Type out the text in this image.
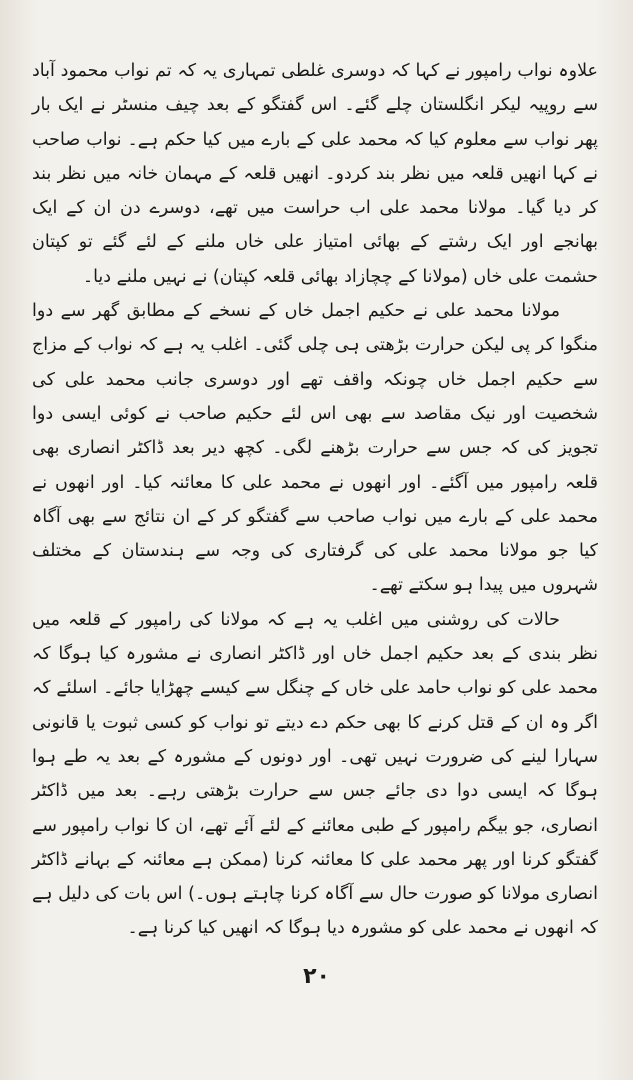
علاوہ نواب رامپور نے کہا کہ دوسری غلطی تمہاری یہ کہ تم نواب محمود آباد سے روپیہ لیکر انگلستان چلے گئے۔ اس گفتگو کے بعد چیف منسٹر نے ایک بار پھر نواب سے معلوم کیا کہ محمد علی کے بارے میں کیا حکم ہے۔ نواب صاحب نے کہا انھیں قلعہ میں نظر بند کردو۔ انھیں قلعہ کے مہمان خانہ میں نظر بند کر دیا گیا۔ مولانا محمد علی اب حراست میں تھے، دوسرے دن ان کے ایک بھانجے اور ایک رشتے کے بھائی امتیاز علی خاں ملنے کے لئے گئے تو کپتان حشمت علی خاں (مولانا کے چچازاد بھائی قلعہ کپتان) نے نہیں ملنے دیا۔

مولانا محمد علی نے حکیم اجمل خاں کے نسخے کے مطابق گھر سے دوا منگوا کر پی لیکن حرارت بڑھتی ہی چلی گئی۔ اغلب یہ ہے کہ نواب کے مزاج سے حکیم اجمل خاں چونکہ واقف تھے اور دوسری جانب محمد علی کی شخصیت اور نیک مقاصد سے بھی اس لئے حکیم صاحب نے کوئی ایسی دوا تجویز کی کہ جس سے حرارت بڑھنے لگی۔ کچھ دیر بعد ڈاکٹر انصاری بھی قلعہ رامپور میں آگئے۔ اور انھوں نے محمد علی کا معائنہ کیا۔ اور انھوں نے محمد علی کے بارے میں نواب صاحب سے گفتگو کر کے ان نتائج سے بھی آگاہ کیا جو مولانا محمد علی کی گرفتاری کی وجہ سے ہندستان کے مختلف شہروں میں پیدا ہو سکتے تھے۔

حالات کی روشنی میں اغلب یہ ہے کہ مولانا کی رامپور کے قلعہ میں نظر بندی کے بعد حکیم اجمل خاں اور ڈاکٹر انصاری نے مشورہ کیا ہوگا کہ محمد علی کو نواب حامد علی خاں کے چنگل سے کیسے چھڑایا جائے۔ اسلئے کہ اگر وہ ان کے قتل کرنے کا بھی حکم دے دیتے تو نواب کو کسی ثبوت یا قانونی سہارا لینے کی ضرورت نہیں تھی۔ اور دونوں کے مشورہ کے بعد یہ طے ہوا ہوگا کہ ایسی دوا دی جائے جس سے حرارت بڑھتی رہے۔ بعد میں ڈاکٹر انصاری، جو بیگم رامپور کے طبی معائنے کے لئے آئے تھے، ان کا نواب رامپور سے گفتگو کرنا اور پھر محمد علی کا معائنہ کرنا (ممکن ہے معائنہ کے بہانے ڈاکٹر انصاری مولانا کو صورت حال سے آگاہ کرنا چاہتے ہوں۔) اس بات کی دلیل ہے کہ انھوں نے محمد علی کو مشورہ دیا ہوگا کہ انھیں کیا کرنا ہے۔

۲۰
